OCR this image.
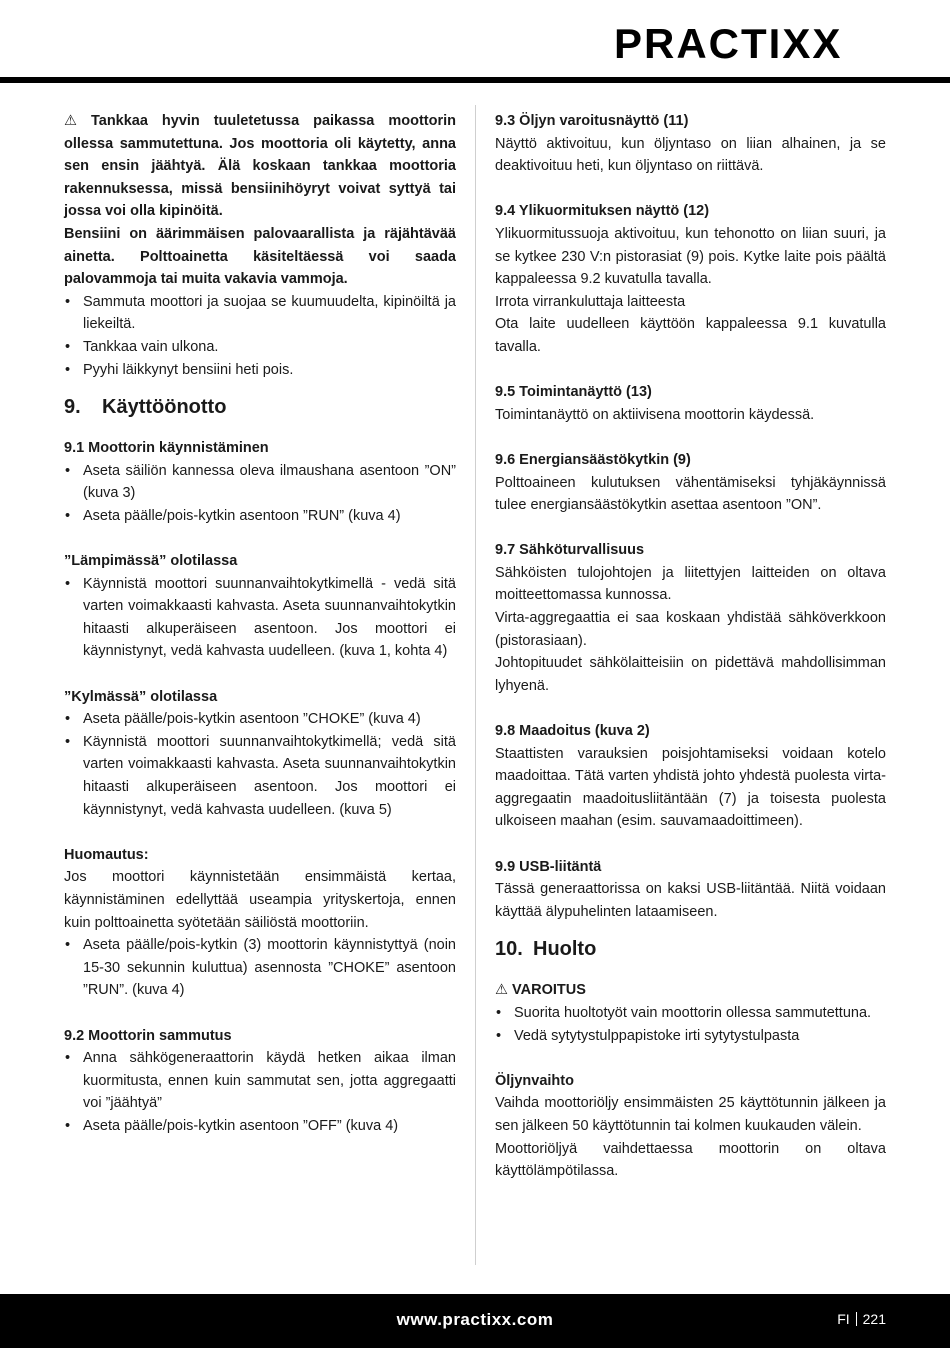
PRACTIXX

⚠ Tankkaa hyvin tuuletetussa paikassa moottorin ollessa sammutettuna. Jos moottoria oli käytetty, anna sen ensin jäähtyä. Älä koskaan tankkaa moottoria rakennuksessa, missä bensiinihöyryt voivat syttyä tai jossa voi olla kipinöitä.

Bensiini on äärimmäisen palovaarallista ja räjähtävää ainetta. Polttoainetta käsiteltäessä voi saada palovammoja tai muita vakavia vammoja.

• Sammuta moottori ja suojaa se kuumuudelta, kipinöiltä ja liekeiltä.
• Tankkaa vain ulkona.
• Pyyhi läikkynyt bensiini heti pois.
9. Käyttöönotto
9.1 Moottorin käynnistäminen
• Aseta säiliön kannessa oleva ilmaushana asentoon ”ON” (kuva 3)
• Aseta päälle/pois-kytkin asentoon ”RUN” (kuva 4)
”Lämpimässä” olotilassa
• Käynnistä moottori suunnanvaihtokytkimellä - vedä sitä varten voimakkaasti kahvasta. Aseta suunnanvaihtokytkin hitaasti alkuperäiseen asentoon. Jos moottori ei käynnistynyt, vedä kahvasta uudelleen. (kuva 1, kohta 4)
”Kylmässä” olotilassa
• Aseta päälle/pois-kytkin asentoon ”CHOKE” (kuva 4)
• Käynnistä moottori suunnanvaihtokytkimellä; vedä sitä varten voimakkaasti kahvasta. Aseta suunnanvaihtokytkin hitaasti alkuperäiseen asentoon. Jos moottori ei käynnistynyt, vedä kahvasta uudelleen. (kuva 5)
Huomautus:

Jos moottori käynnistetään ensimmäistä kertaa, käynnistäminen edellyttää useampia yrityskertoja, ennen kuin polttoainetta syötetään säiliöstä moottoriin.

• Aseta päälle/pois-kytkin (3) moottorin käynnistyttyä (noin 15-30 sekunnin kuluttua) asennosta ”CHOKE” asentoon ”RUN”. (kuva 4)
9.2 Moottorin sammutus
• Anna sähkögeneraattorin käydä hetken aikaa ilman kuormitusta, ennen kuin sammutat sen, jotta aggregaatti voi ”jäähtyä”
• Aseta päälle/pois-kytkin asentoon ”OFF” (kuva 4)
9.3 Öljyn varoitusnäyttö (11)

Näyttö aktivoituu, kun öljyntaso on liian alhainen, ja se deaktivoituu heti, kun öljyntaso on riittävä.

9.4 Ylikuormituksen näyttö (12)

Ylikuormitussuoja aktivoituu, kun tehonotto on liian suuri, ja se kytkee 230 V:n pistorasiat (9) pois. Kytke laite pois päältä kappaleessa 9.2 kuvatulla tavalla.

Irrota virrankuluttaja laitteesta

Ota laite uudelleen käyttöön kappaleessa 9.1 kuvatulla tavalla.

9.5 Toimintanäyttö (13)

Toimintanäyttö on aktiivisena moottorin käydessä.

9.6 Energiansäästökytkin (9)

Polttoaineen kulutuksen vähentämiseksi tyhjäkäynnissä tulee energiansäästökytkin asettaa asentoon ”ON”.

9.7 Sähköturvallisuus

Sähköisten tulojohtojen ja liitettyjen laitteiden on oltava moitteettomassa kunnossa.

Virta-aggregaattia ei saa koskaan yhdistää sähköverkkoon (pistorasiaan).

Johtopituudet sähkölaitteisiin on pidettävä mahdollisimman lyhyenä.

9.8 Maadoitus (kuva 2)

Staattisten varauksien poisjohtamiseksi voidaan kotelo maadoittaa. Tätä varten yhdistä johto yhdestä puolesta virta-aggregaatin maadoitusliitäntään (7) ja toisesta puolesta ulkoiseen maahan (esim. sauvamaadoittimeen).

9.9 USB-liitäntä

Tässä generaattorissa on kaksi USB-liitäntää. Niitä voidaan käyttää älypuhelinten lataamiseen.

10. Huolto
⚠ VAROITUS
• Suorita huoltotyöt vain moottorin ollessa sammutettuna.
• Vedä sytytystulppapistoke irti sytytystulpasta
Öljynvaihto

Vaihda moottoriöljy ensimmäisten 25 käyttötunnin jälkeen ja sen jälkeen 50 käyttötunnin tai kolmen kuukauden välein.

Moottoriöljyä vaihdettaessa moottorin on oltava käyttölämpötilassa.

www.practixx.com	FI 221
